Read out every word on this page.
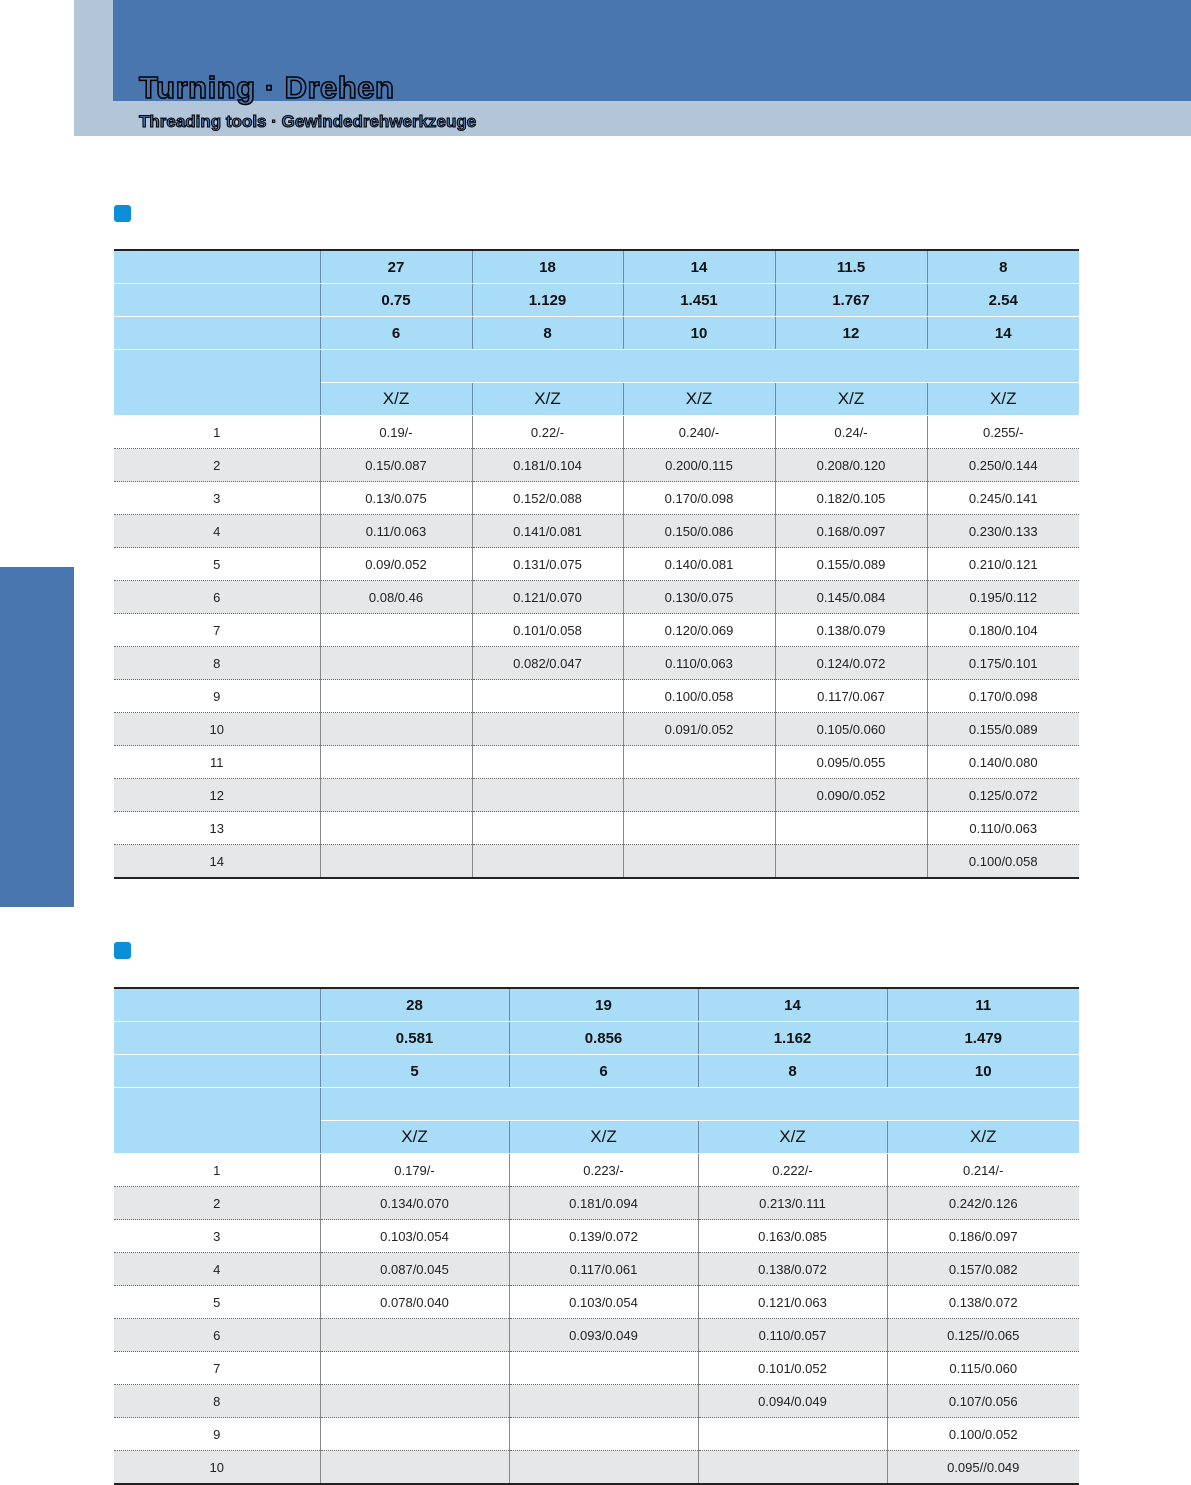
Turning · Drehen
Threading tools · Gewindedrehwerkzeuge
	27	18	14	11.5	8
	0.75	1.129	1.451	1.767	2.54
	6	8	10	12	14

	X/Z	X/Z	X/Z	X/Z	X/Z
1	0.19/-	0.22/-	0.240/-	0.24/-	0.255/-
2	0.15/0.087	0.181/0.104	0.200/0.115	0.208/0.120	0.250/0.144
3	0.13/0.075	0.152/0.088	0.170/0.098	0.182/0.105	0.245/0.141
4	0.11/0.063	0.141/0.081	0.150/0.086	0.168/0.097	0.230/0.133
5	0.09/0.052	0.131/0.075	0.140/0.081	0.155/0.089	0.210/0.121
6	0.08/0.46	0.121/0.070	0.130/0.075	0.145/0.084	0.195/0.112
7		0.101/0.058	0.120/0.069	0.138/0.079	0.180/0.104
8		0.082/0.047	0.110/0.063	0.124/0.072	0.175/0.101
9			0.100/0.058	0.117/0.067	0.170/0.098
10			0.091/0.052	0.105/0.060	0.155/0.089
11				0.095/0.055	0.140/0.080
12				0.090/0.052	0.125/0.072
13					0.110/0.063
14					0.100/0.058
	28	19	14	11
	0.581	0.856	1.162	1.479
	5	6	8	10

	X/Z	X/Z	X/Z	X/Z
1	0.179/-	0.223/-	0.222/-	0.214/-
2	0.134/0.070	0.181/0.094	0.213/0.111	0.242/0.126
3	0.103/0.054	0.139/0.072	0.163/0.085	0.186/0.097
4	0.087/0.045	0.117/0.061	0.138/0.072	0.157/0.082
5	0.078/0.040	0.103/0.054	0.121/0.063	0.138/0.072
6		0.093/0.049	0.110/0.057	0.125//0.065
7			0.101/0.052	0.115/0.060
8			0.094/0.049	0.107/0.056
9				0.100/0.052
10				0.095//0.049
